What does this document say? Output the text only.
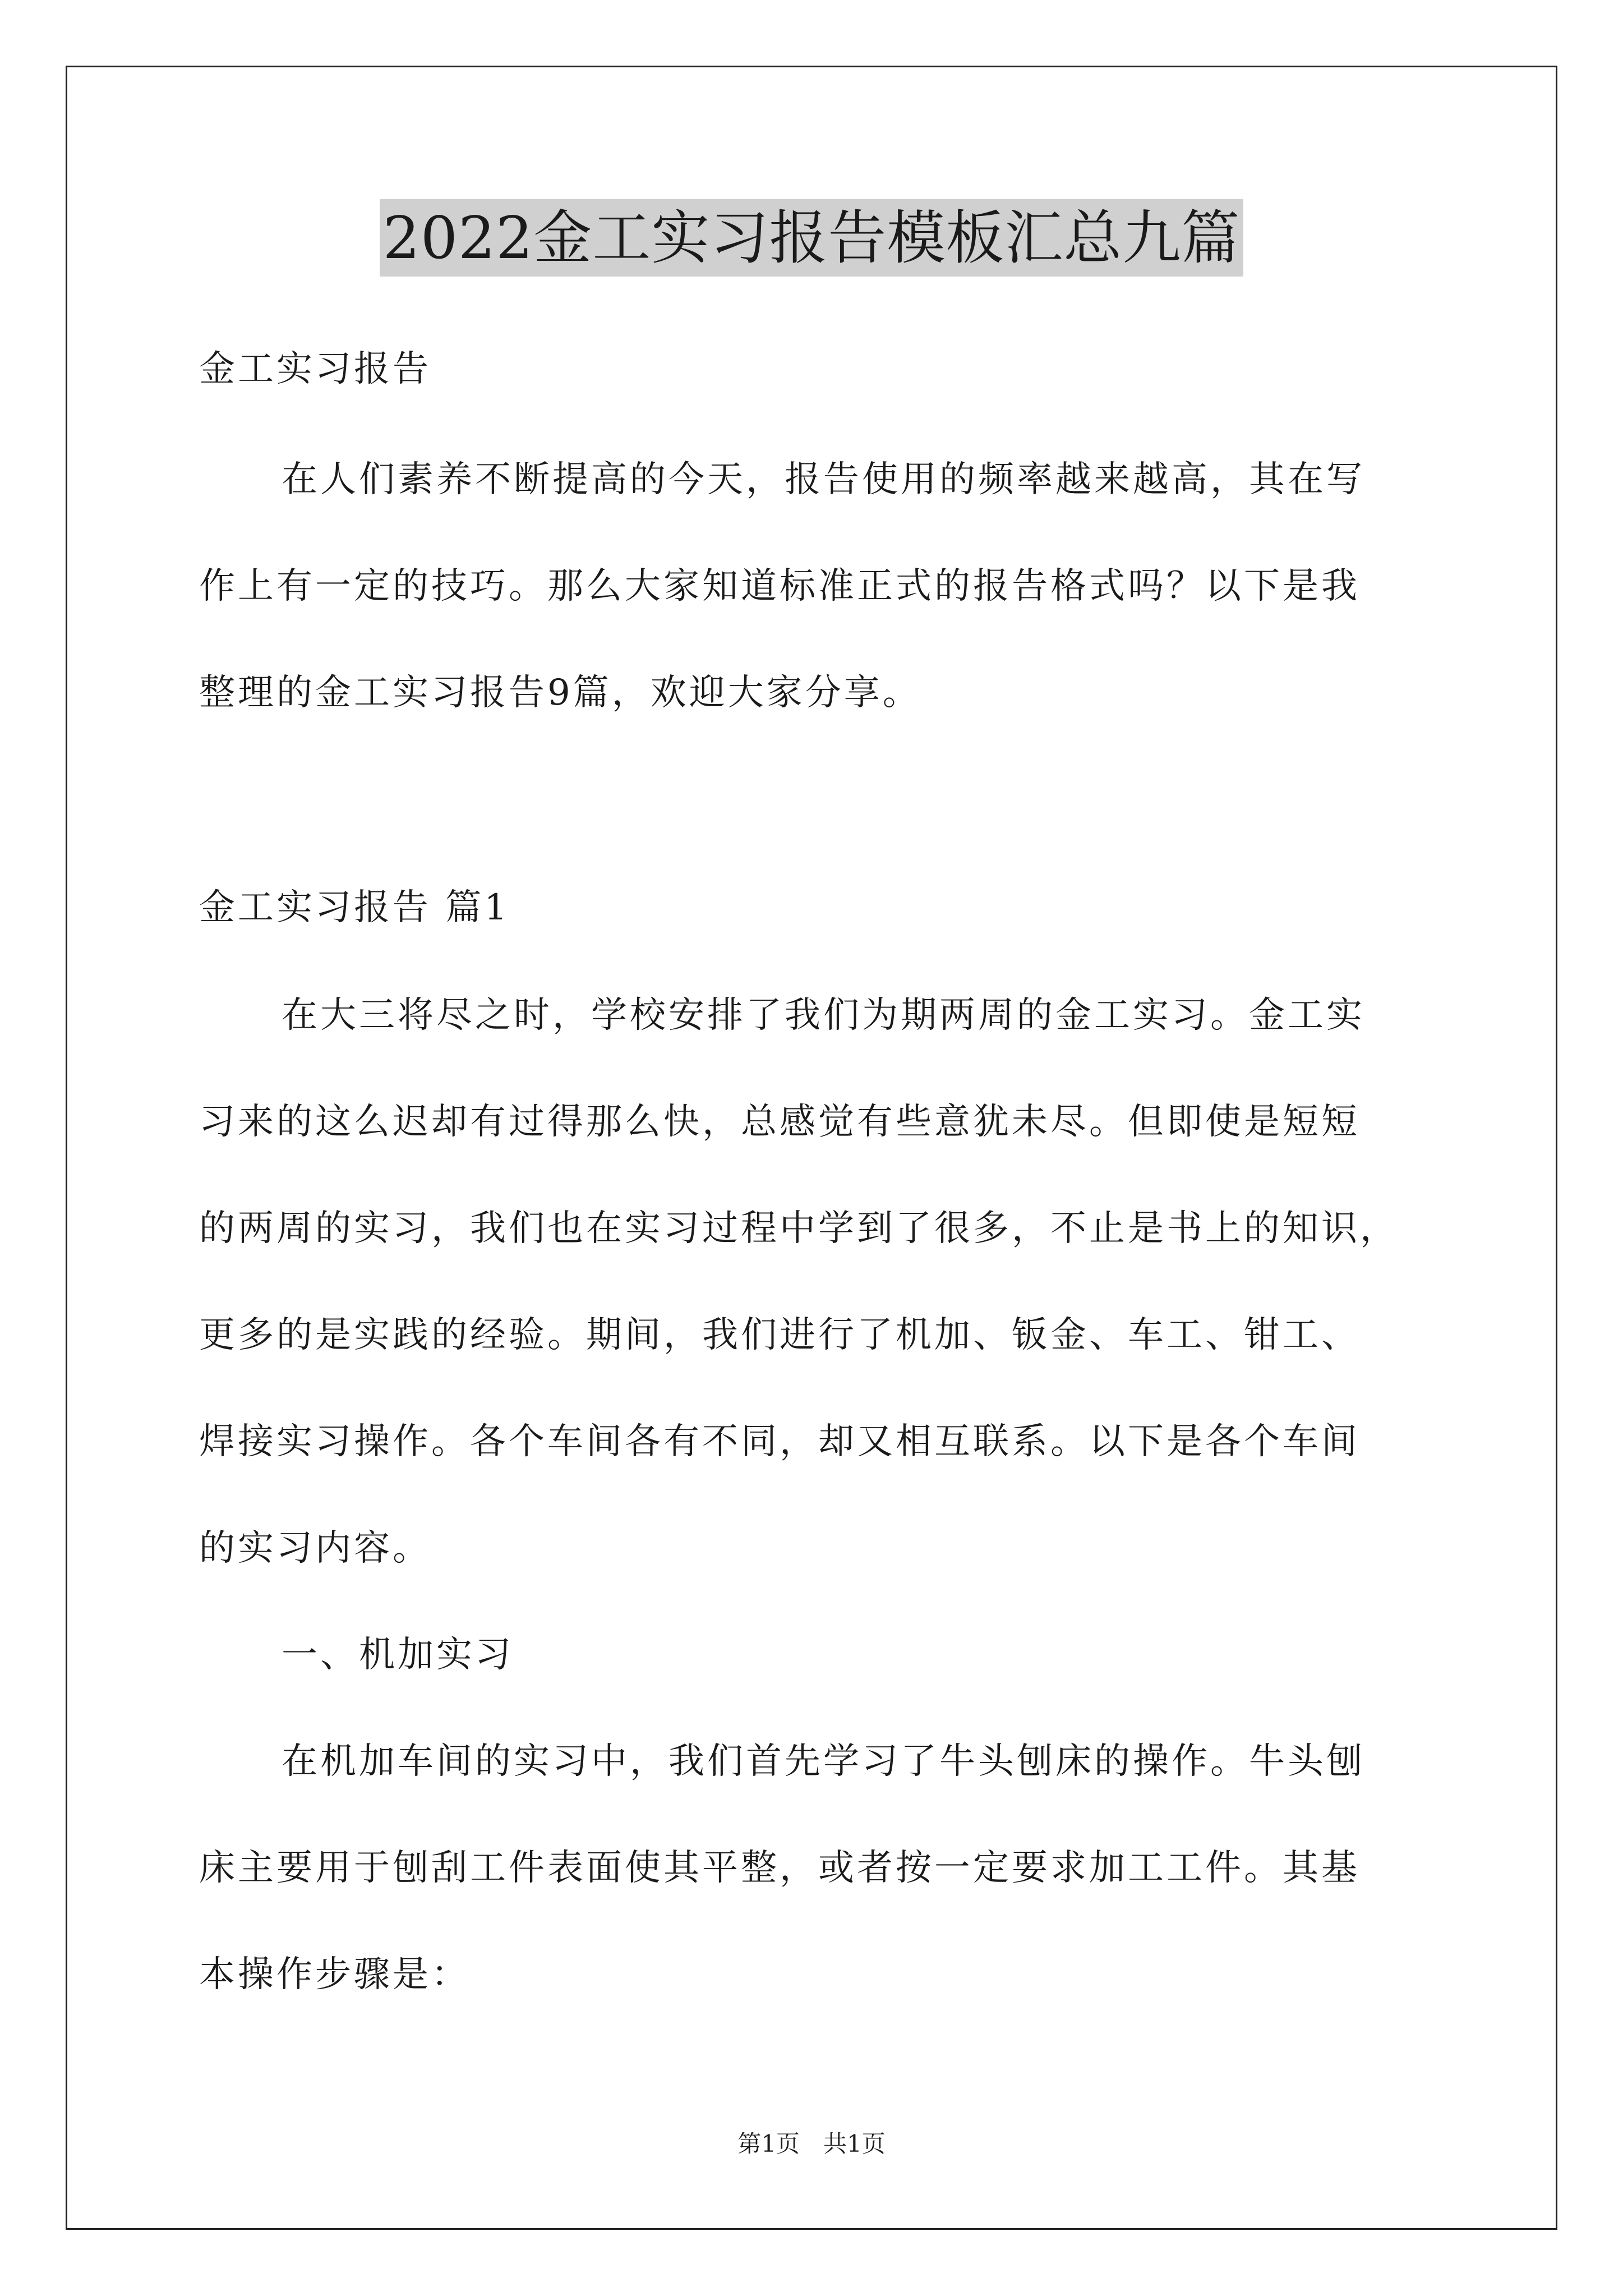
2022金工实习报告模板汇总九篇
金工实习报告
在人们素养不断提高的今天，报告使用的频率越来越高，其在写
作上有一定的技巧。那么大家知道标准正式的报告格式吗？以下是我
整理的金工实习报告9篇，欢迎大家分享。
金工实习报告 篇1
在大三将尽之时，学校安排了我们为期两周的金工实习。金工实
习来的这么迟却有过得那么快，总感觉有些意犹未尽。但即使是短短
的两周的实习，我们也在实习过程中学到了很多，不止是书上的知识，
更多的是实践的经验。期间，我们进行了机加、钣金、车工、钳工、
焊接实习操作。各个车间各有不同，却又相互联系。以下是各个车间
的实习内容。
一、机加实习
在机加车间的实习中，我们首先学习了牛头刨床的操作。牛头刨
床主要用于刨刮工件表面使其平整，或者按一定要求加工工件。其基
本操作步骤是：
第1页　共1页
